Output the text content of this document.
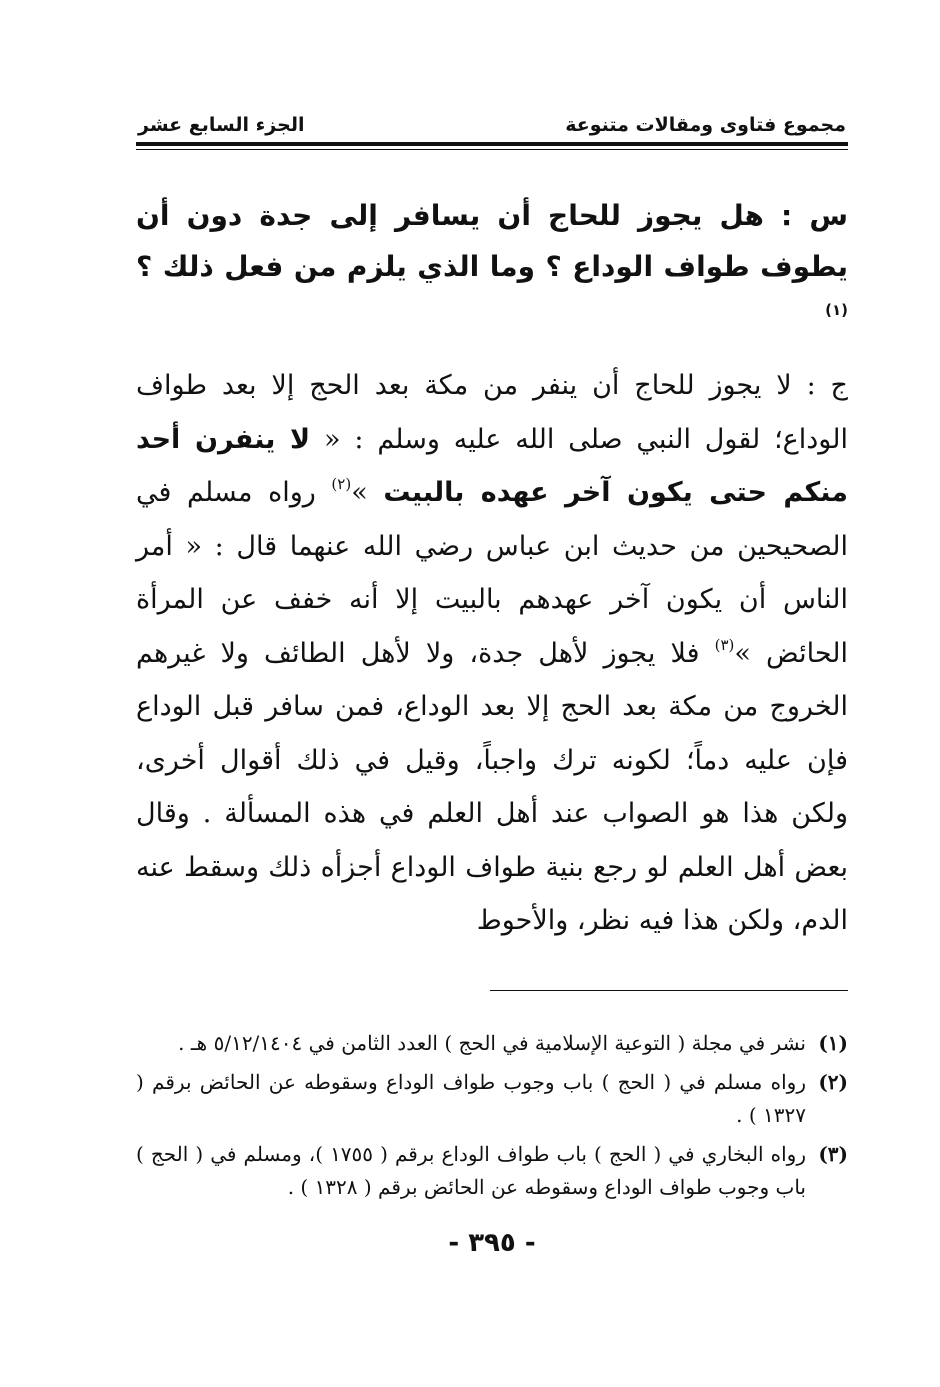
مجموع فتاوى ومقالات متنوعة
الجزء السابع عشر
س : هل يجوز للحاج أن يسافر إلى جدة دون أن يطوف طواف الوداع ؟ وما الذي يلزم من فعل ذلك ؟$^{(١)}$
ج : لا يجوز للحاج أن ينفر من مكة بعد الحج إلا بعد طواف الوداع؛ لقول النبي صلى الله عليه وسلم : « لا ينفرن أحد منكم حتى يكون آخر عهده بالبيت »$^{(٢)}$ رواه مسلم في الصحيحين من حديث ابن عباس رضي الله عنهما قال : « أمر الناس أن يكون آخر عهدهم بالبيت إلا أنه خفف عن المرأة الحائض »$^{(٣)}$ فلا يجوز لأهل جدة، ولا لأهل الطائف ولا غيرهم الخروج من مكة بعد الحج إلا بعد الوداع، فمن سافر قبل الوداع فإن عليه دماً؛ لكونه ترك واجباً، وقيل في ذلك أقوال أخرى، ولكن هذا هو الصواب عند أهل العلم في هذه المسألة . وقال بعض أهل العلم لو رجع بنية طواف الوداع أجزأه ذلك وسقط عنه الدم، ولكن هذا فيه نظر، والأحوط
(١)
نشر في مجلة ( التوعية الإسلامية في الحج ) العدد الثامن في ٥/١٢/١٤٠٤ هـ .
(٢)
رواه مسلم في ( الحج ) باب وجوب طواف الوداع وسقوطه عن الحائض برقم ( ١٣٢٧ ) .
(٣)
رواه البخاري في ( الحج ) باب طواف الوداع برقم ( ١٧٥٥ )، ومسلم في ( الحج ) باب وجوب طواف الوداع وسقوطه عن الحائض برقم ( ١٣٢٨ ) .
- ٣٩٥ -
